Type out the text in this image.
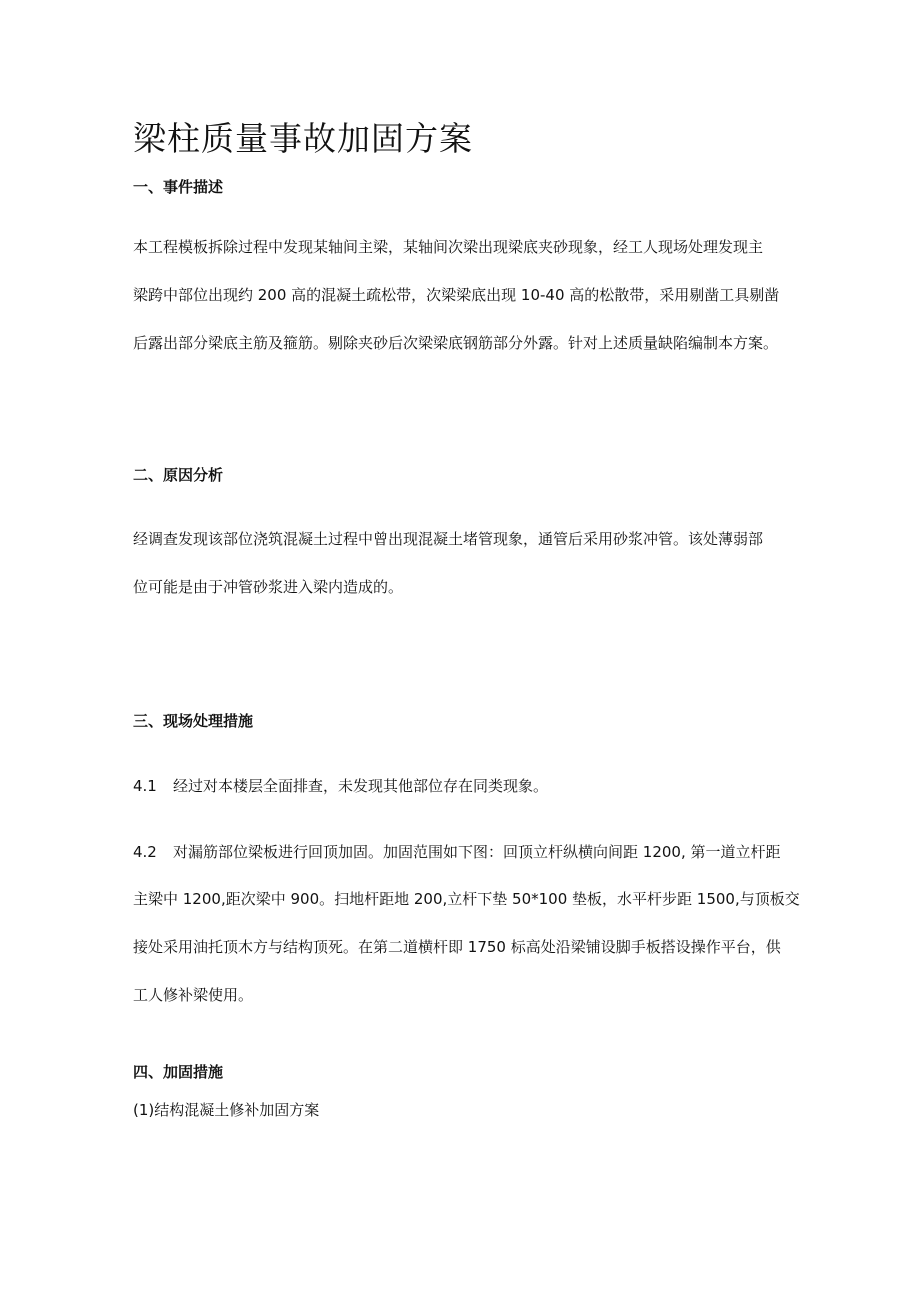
梁柱质量事故加固方案
一、事件描述

本工程模板拆除过程中发现某轴间主梁，某轴间次梁出现梁底夹砂现象，经工人现场处理发现主

梁跨中部位出现约 200 高的混凝土疏松带，次梁梁底出现 10-40 高的松散带，采用剔凿工具剔凿

后露出部分梁底主筋及箍筋。剔除夹砂后次梁梁底钢筋部分外露。针对上述质量缺陷编制本方案。

二、原因分析

经调查发现该部位浇筑混凝土过程中曾出现混凝土堵管现象，通管后采用砂浆冲管。该处薄弱部

位可能是由于冲管砂浆进入梁内造成的。

三、现场处理措施

4.1 经过对本楼层全面排查，未发现其他部位存在同类现象。

4.2 对漏筋部位梁板进行回顶加固。加固范围如下图：回顶立杆纵横向间距 1200, 第一道立杆距

主梁中 1200,距次梁中 900。扫地杆距地 200,立杆下垫 50*100 垫板，水平杆步距 1500,与顶板交

接处采用油托顶木方与结构顶死。在第二道横杆即 1750 标高处沿梁铺设脚手板搭设操作平台，供

工人修补梁使用。

四、加固措施

(1)结构混凝土修补加固方案
